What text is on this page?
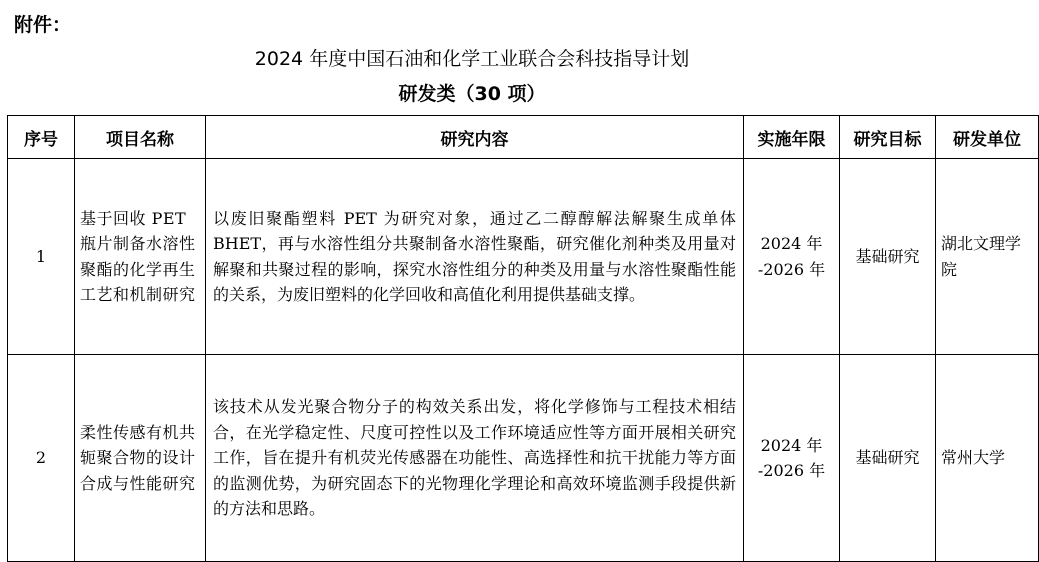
附件：
2024 年度中国石油和化学工业联合会科技指导计划
研发类（30 项）
序号	项目名称	研究内容	实施年限	研究目标	研发单位
1	基于回收 PET 瓶片制备水溶性聚酯的化学再生工艺和机制研究	以废旧聚酯塑料 PET 为研究对象，通过乙二醇醇解法解聚生成单体 BHET，再与水溶性组分共聚制备水溶性聚酯，研究催化剂种类及用量对解聚和共聚过程的影响，探究水溶性组分的种类及用量与水溶性聚酯性能的关系，为废旧塑料的化学回收和高值化利用提供基础支撑。	2024 年 -2026 年	基础研究	湖北文理学院
2	柔性传感有机共轭聚合物的设计合成与性能研究	该技术从发光聚合物分子的构效关系出发，将化学修饰与工程技术相结合，在光学稳定性、尺度可控性以及工作环境适应性等方面开展相关研究工作，旨在提升有机荧光传感器在功能性、高选择性和抗干扰能力等方面的监测优势，为研究固态下的光物理化学理论和高效环境监测手段提供新的方法和思路。	2024 年 -2026 年	基础研究	常州大学
